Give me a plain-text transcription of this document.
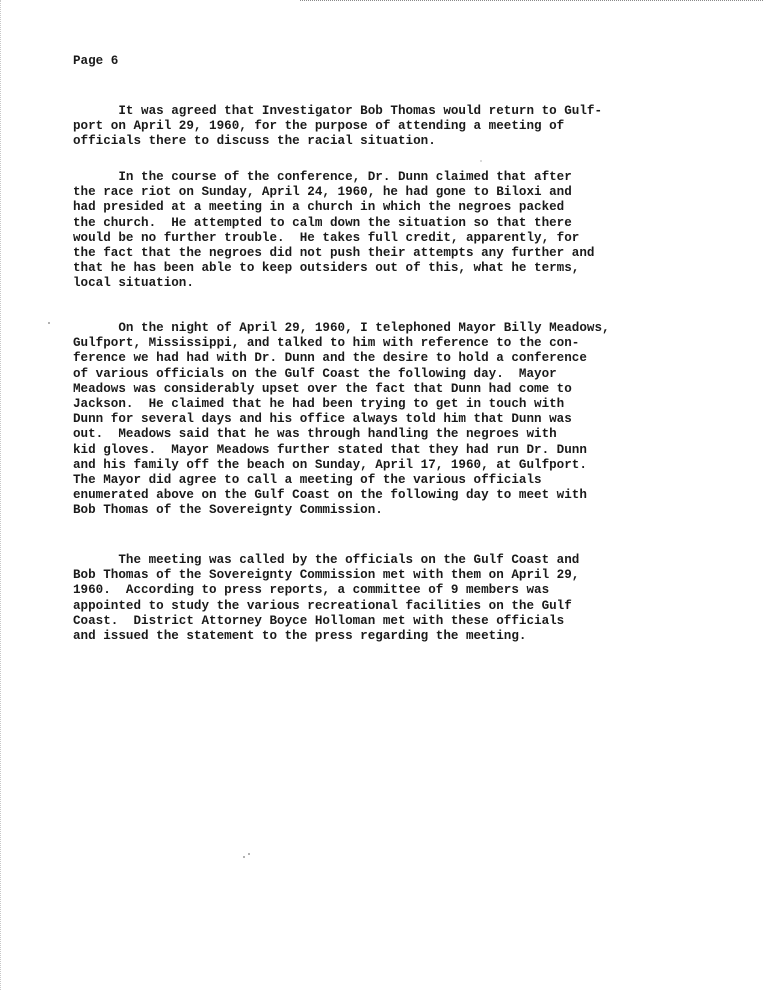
Page 6
It was agreed that Investigator Bob Thomas would return to Gulf-
port on April 29, 1960, for the purpose of attending a meeting of
officials there to discuss the racial situation.
In the course of the conference, Dr. Dunn claimed that after
the race riot on Sunday, April 24, 1960, he had gone to Biloxi and
had presided at a meeting in a church in which the negroes packed
the church.  He attempted to calm down the situation so that there
would be no further trouble.  He takes full credit, apparently, for
the fact that the negroes did not push their attempts any further and
that he has been able to keep outsiders out of this, what he terms,
local situation.
On the night of April 29, 1960, I telephoned Mayor Billy Meadows,
Gulfport, Mississippi, and talked to him with reference to the con-
ference we had had with Dr. Dunn and the desire to hold a conference
of various officials on the Gulf Coast the following day.  Mayor
Meadows was considerably upset over the fact that Dunn had come to
Jackson.  He claimed that he had been trying to get in touch with
Dunn for several days and his office always told him that Dunn was
out.  Meadows said that he was through handling the negroes with
kid gloves.  Mayor Meadows further stated that they had run Dr. Dunn
and his family off the beach on Sunday, April 17, 1960, at Gulfport.
The Mayor did agree to call a meeting of the various officials
enumerated above on the Gulf Coast on the following day to meet with
Bob Thomas of the Sovereignty Commission.
The meeting was called by the officials on the Gulf Coast and
Bob Thomas of the Sovereignty Commission met with them on April 29,
1960.  According to press reports, a committee of 9 members was
appointed to study the various recreational facilities on the Gulf
Coast.  District Attorney Boyce Holloman met with these officials
and issued the statement to the press regarding the meeting.
